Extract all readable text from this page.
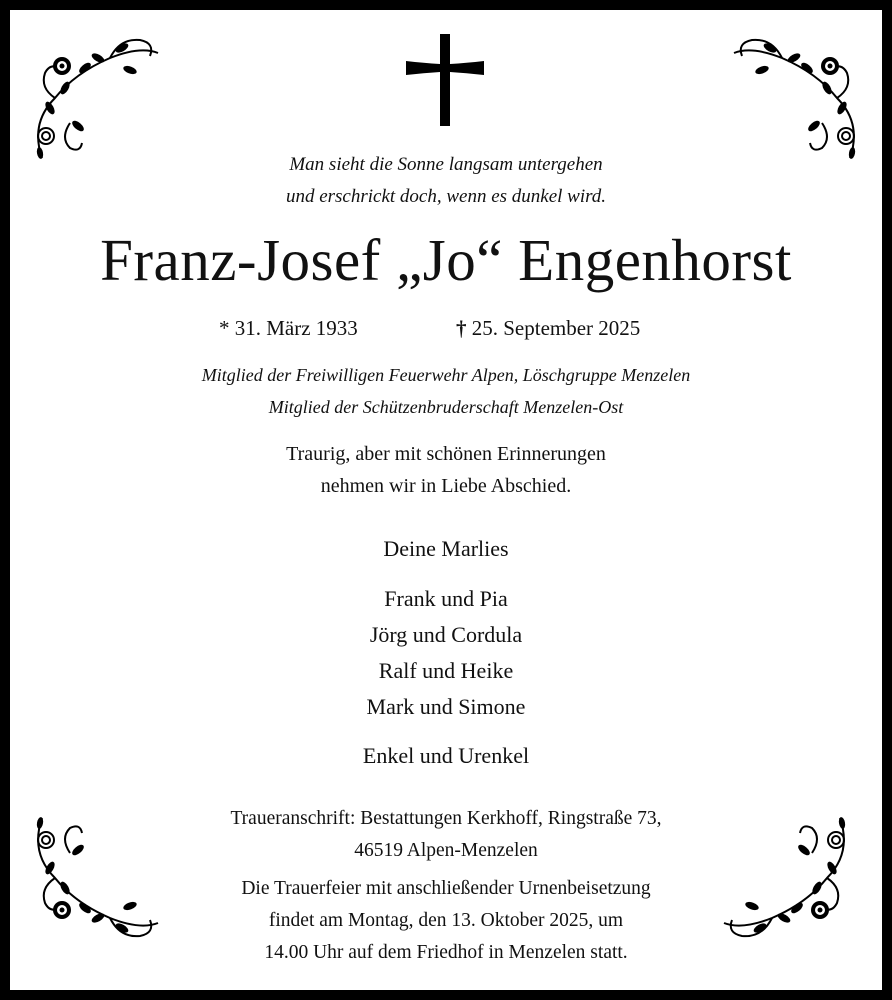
Man sieht die Sonne langsam untergehen
und erschrickt doch, wenn es dunkel wird.
Franz-Josef „Jo“ Engenhorst
* 31. März 1933	† 25. September 2025
Mitglied der Freiwilligen Feuerwehr Alpen, Löschgruppe Menzelen
Mitglied der Schützenbruderschaft Menzelen-Ost
Traurig, aber mit schönen Erinnerungen
nehmen wir in Liebe Abschied.
Deine Marlies
Frank und Pia
Jörg und Cordula
Ralf und Heike
Mark und Simone
Enkel und Urenkel
Traueranschrift: Bestattungen Kerkhoff, Ringstraße 73,
46519 Alpen-Menzelen
Die Trauerfeier mit anschließender Urnenbeisetzung
findet am Montag, den 13. Oktober 2025, um
14.00 Uhr auf dem Friedhof in Menzelen statt.
